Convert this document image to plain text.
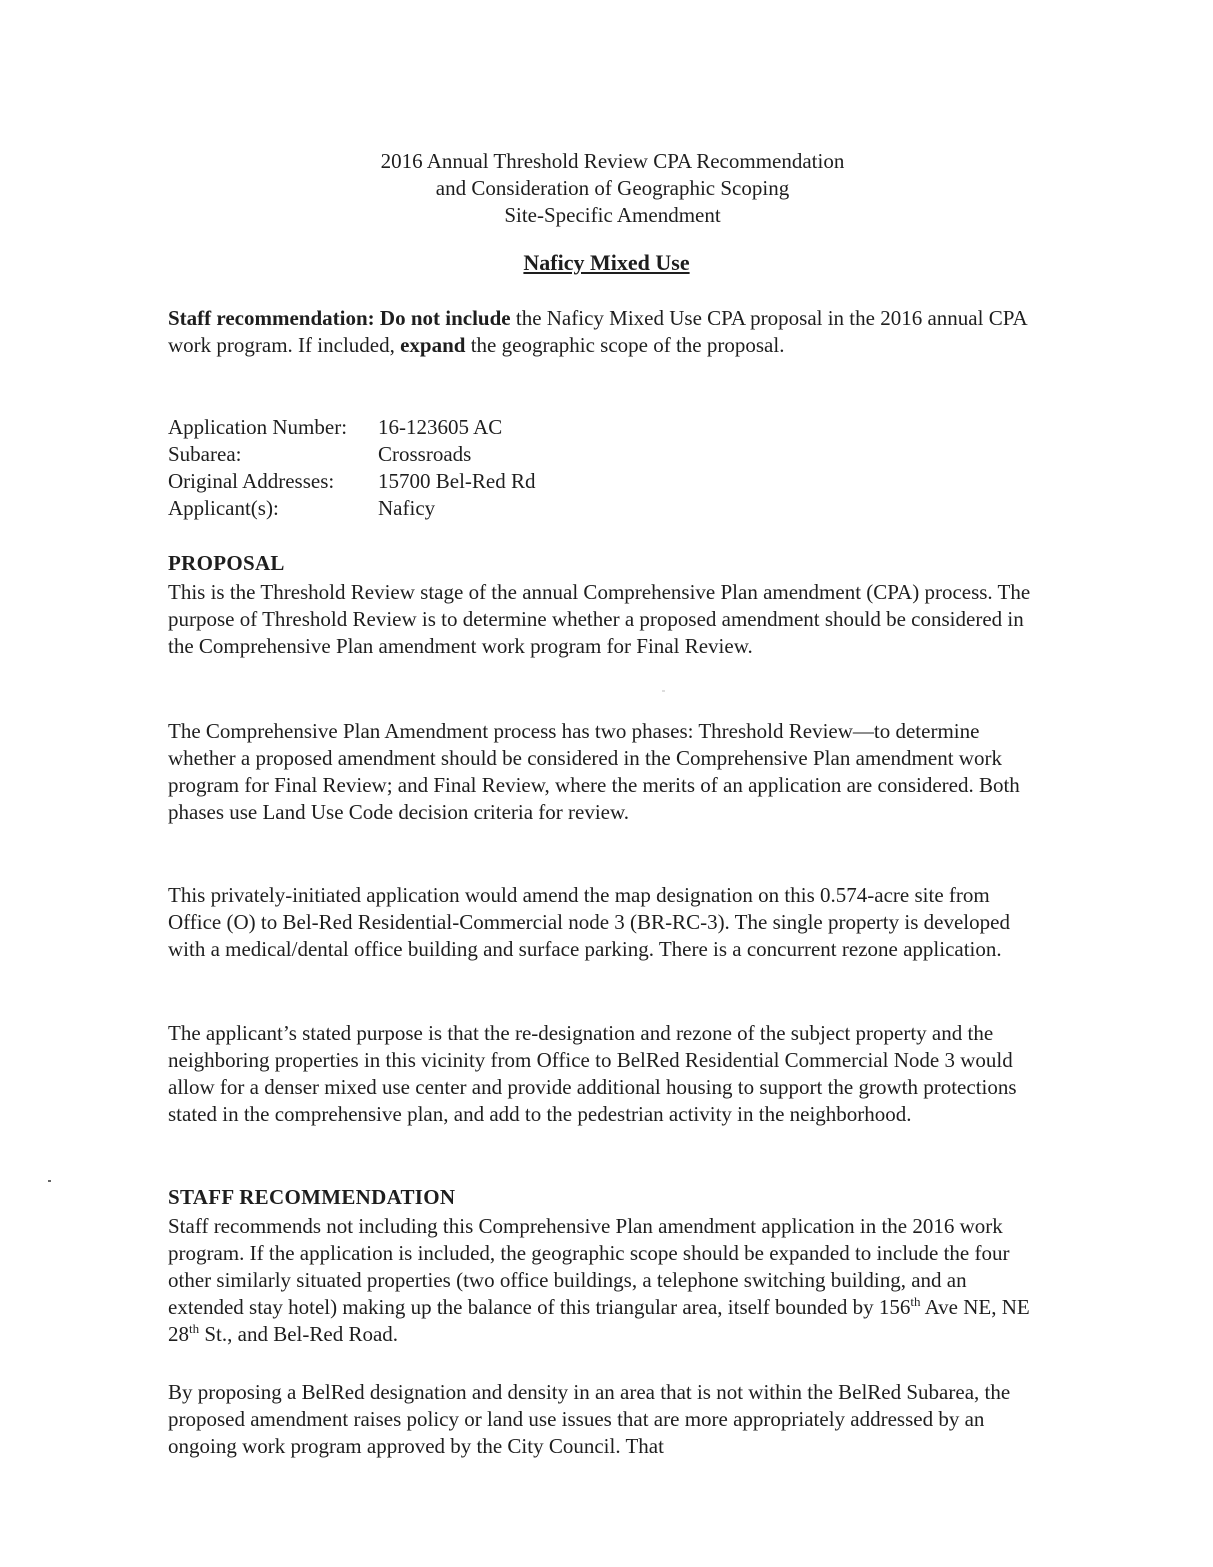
2016 Annual Threshold Review CPA Recommendation
and Consideration of Geographic Scoping
Site-Specific Amendment
Naficy Mixed Use
Staff recommendation: Do not include the Naficy Mixed Use CPA proposal in the 2016 annual CPA work program. If included, expand the geographic scope of the proposal.
Application Number:	16-123605 AC
Subarea:	Crossroads
Original Addresses:	15700 Bel-Red Rd
Applicant(s):	Naficy
PROPOSAL
This is the Threshold Review stage of the annual Comprehensive Plan amendment (CPA) process. The purpose of Threshold Review is to determine whether a proposed amendment should be considered in the Comprehensive Plan amendment work program for Final Review.
The Comprehensive Plan Amendment process has two phases: Threshold Review—to determine whether a proposed amendment should be considered in the Comprehensive Plan amendment work program for Final Review; and Final Review, where the merits of an application are considered. Both phases use Land Use Code decision criteria for review.
This privately-initiated application would amend the map designation on this 0.574-acre site from Office (O) to Bel-Red Residential-Commercial node 3 (BR-RC-3). The single property is developed with a medical/dental office building and surface parking. There is a concurrent rezone application.
The applicant’s stated purpose is that the re-designation and rezone of the subject property and the neighboring properties in this vicinity from Office to BelRed Residential Commercial Node 3 would allow for a denser mixed use center and provide additional housing to support the growth protections stated in the comprehensive plan, and add to the pedestrian activity in the neighborhood.
STAFF RECOMMENDATION
Staff recommends not including this Comprehensive Plan amendment application in the 2016 work program. If the application is included, the geographic scope should be expanded to include the four other similarly situated properties (two office buildings, a telephone switching building, and an extended stay hotel) making up the balance of this triangular area, itself bounded by 156th Ave NE, NE 28th St., and Bel-Red Road.
By proposing a BelRed designation and density in an area that is not within the BelRed Subarea, the proposed amendment raises policy or land use issues that are more appropriately addressed by an ongoing work program approved by the City Council. That
